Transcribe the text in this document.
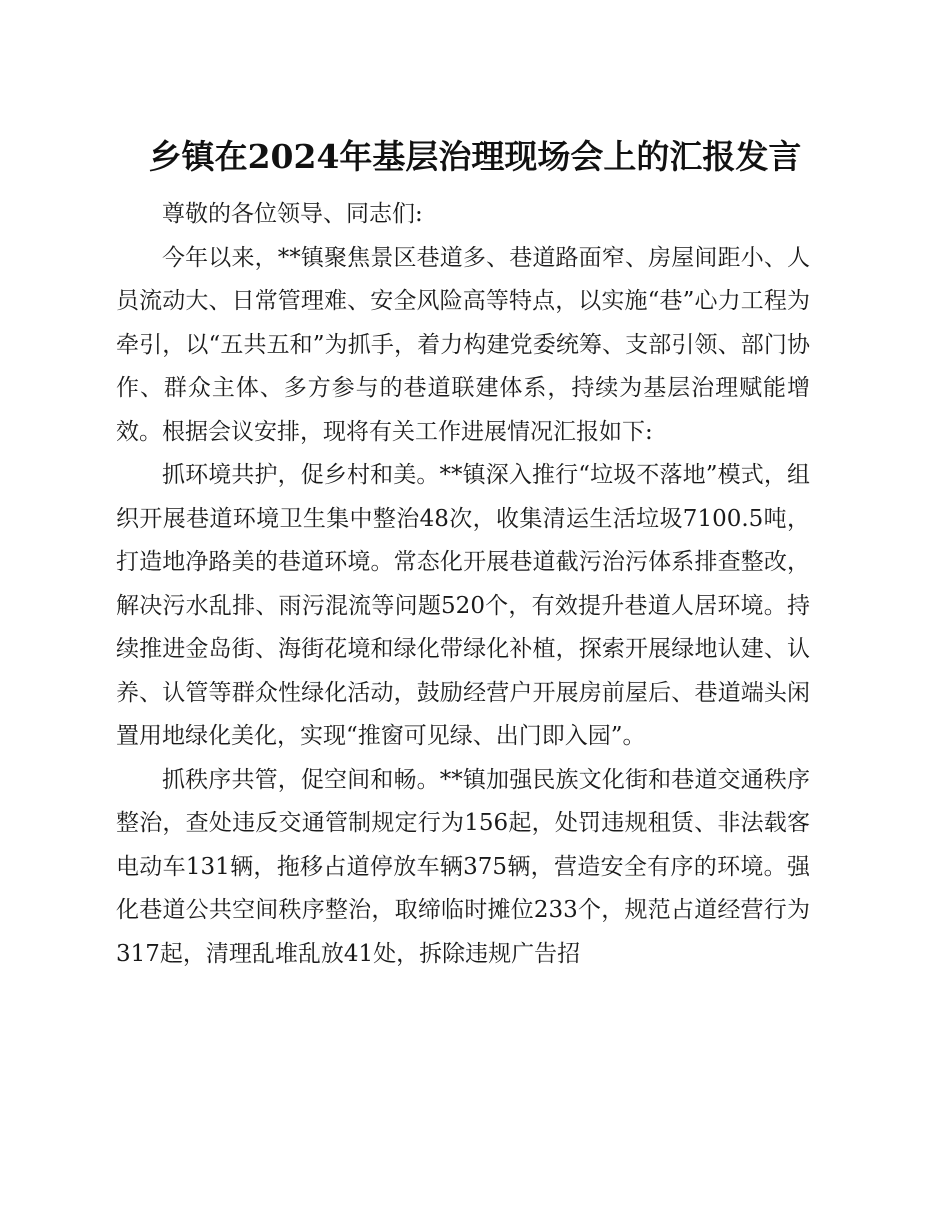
乡镇在2024年基层治理现场会上的汇报发言

尊敬的各位领导、同志们:

今年以来，**镇聚焦景区巷道多、巷道路面窄、房屋间距小、人员流动大、日常管理难、安全风险高等特点，以实施“巷”心力工程为牵引，以“五共五和”为抓手，着力构建党委统筹、支部引领、部门协作、群众主体、多方参与的巷道联建体系，持续为基层治理赋能增效。根据会议安排，现将有关工作进展情况汇报如下:

抓环境共护，促乡村和美。**镇深入推行“垃圾不落地”模式，组织开展巷道环境卫生集中整治48次，收集清运生活垃圾7100.5吨，打造地净路美的巷道环境。常态化开展巷道截污治污体系排查整改，解决污水乱排、雨污混流等问题520个，有效提升巷道人居环境。持续推进金岛街、海街花境和绿化带绿化补植，探索开展绿地认建、认养、认管等群众性绿化活动，鼓励经营户开展房前屋后、巷道端头闲置用地绿化美化，实现“推窗可见绿、出门即入园”。

抓秩序共管，促空间和畅。**镇加强民族文化街和巷道交通秩序整治，查处违反交通管制规定行为156起，处罚违规租赁、非法载客电动车131辆，拖移占道停放车辆375辆，营造安全有序的环境。强化巷道公共空间秩序整治，取缔临时摊位233个，规范占道经营行为317起，清理乱堆乱放41处，拆除违规广告招
